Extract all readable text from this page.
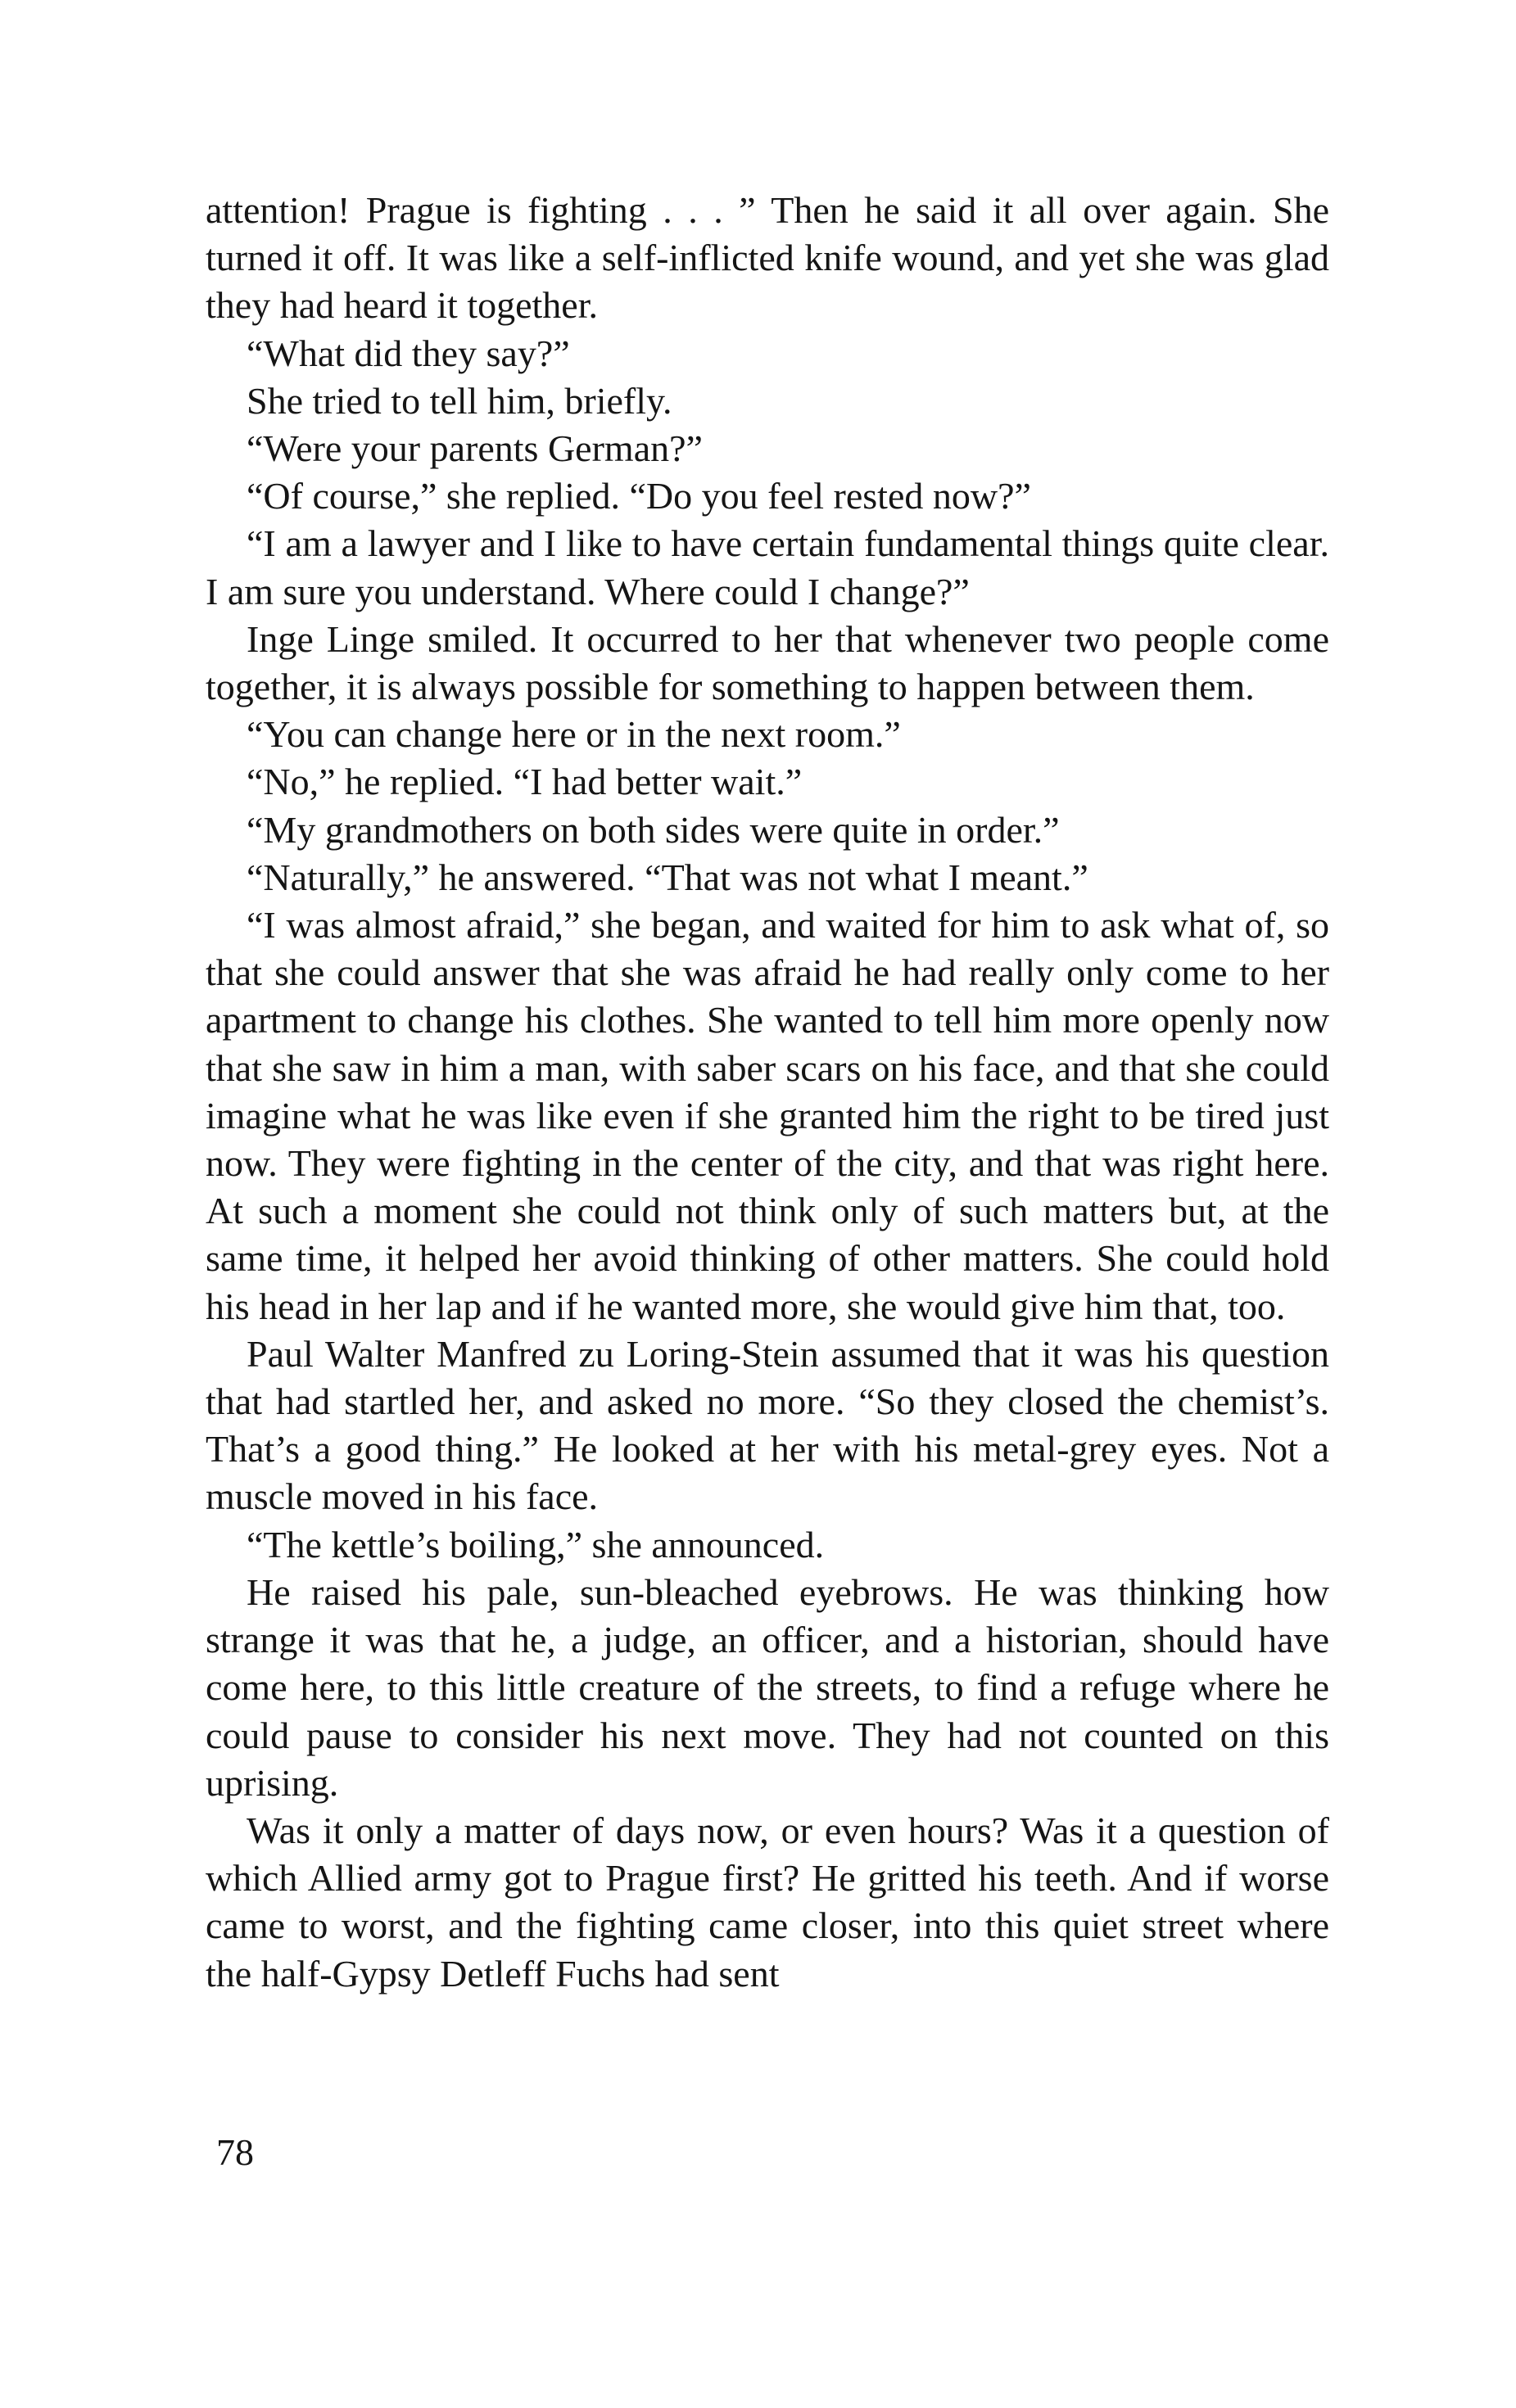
attention! Prague is fighting . . . ” Then he said it all over again. She turned it off. It was like a self-inflicted knife wound, and yet she was glad they had heard it together.

“What did they say?”

She tried to tell him, briefly.

“Were your parents German?”

“Of course,” she replied. “Do you feel rested now?”

“I am a lawyer and I like to have certain fundamental things quite clear. I am sure you understand. Where could I change?”

Inge Linge smiled. It occurred to her that whenever two people come together, it is always possible for something to happen between them.

“You can change here or in the next room.”

“No,” he replied. “I had better wait.”

“My grandmothers on both sides were quite in order.”

“Naturally,” he answered. “That was not what I meant.”

“I was almost afraid,” she began, and waited for him to ask what of, so that she could answer that she was afraid he had really only come to her apartment to change his clothes. She wanted to tell him more openly now that she saw in him a man, with saber scars on his face, and that she could imagine what he was like even if she granted him the right to be tired just now. They were fighting in the center of the city, and that was right here. At such a moment she could not think only of such matters but, at the same time, it helped her avoid thinking of other matters. She could hold his head in her lap and if he wanted more, she would give him that, too.

Paul Walter Manfred zu Loring-Stein assumed that it was his question that had startled her, and asked no more. “So they closed the chemist’s. That’s a good thing.” He looked at her with his metal-grey eyes. Not a muscle moved in his face.

“The kettle’s boiling,” she announced.

He raised his pale, sun-bleached eyebrows. He was thinking how strange it was that he, a judge, an officer, and a historian, should have come here, to this little creature of the streets, to find a refuge where he could pause to consider his next move. They had not counted on this uprising.

Was it only a matter of days now, or even hours? Was it a question of which Allied army got to Prague first? He gritted his teeth. And if worse came to worst, and the fighting came closer, into this quiet street where the half-Gypsy Detleff Fuchs had sent

78
